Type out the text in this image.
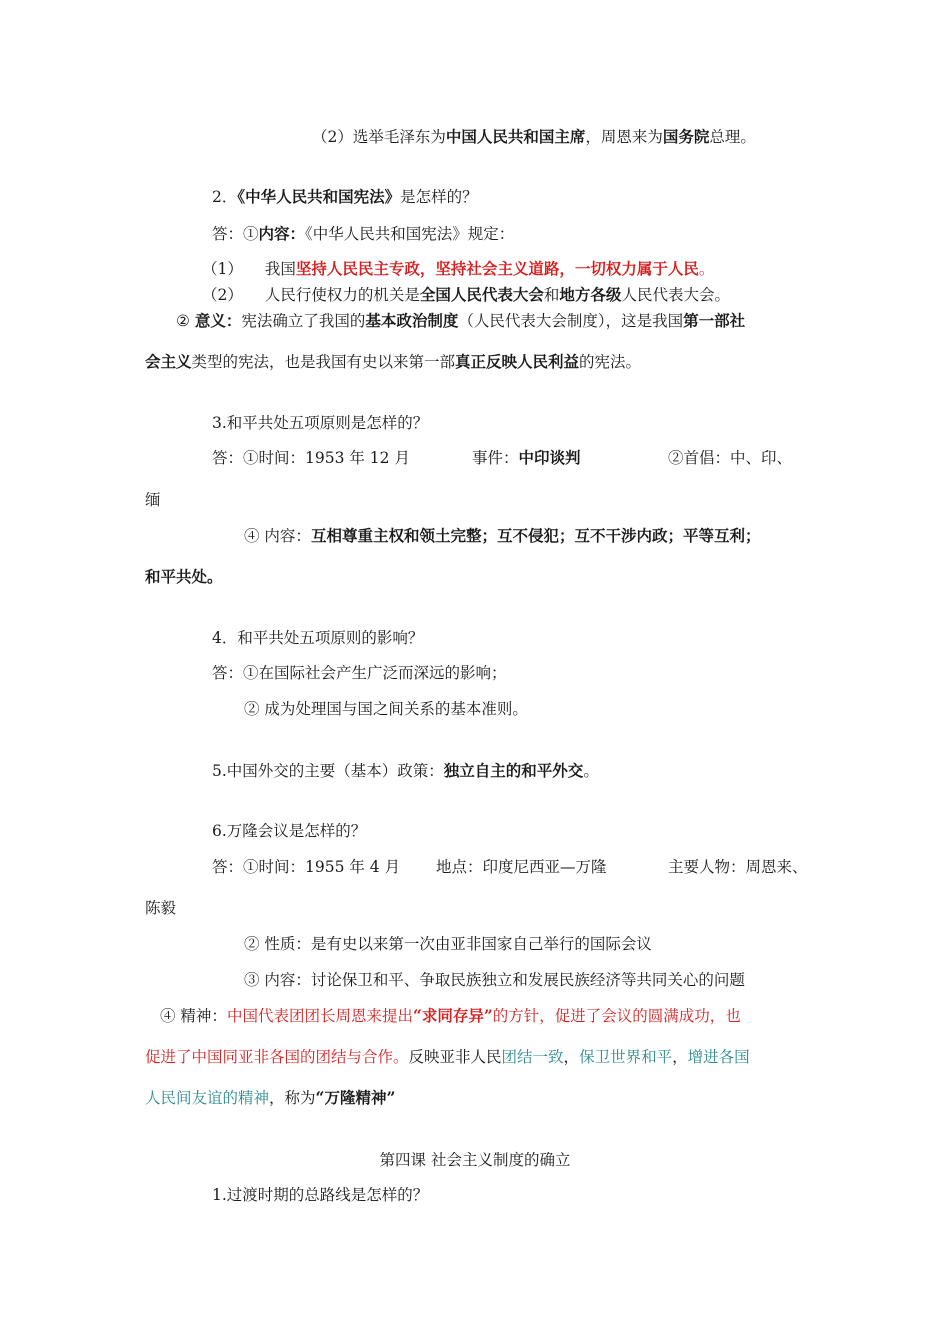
（2）选举毛泽东为中国人民共和国主席，周恩来为国务院总理。
2．《中华人民共和国宪法》是怎样的？
答：①内容：《中华人民共和国宪法》规定：
（1） 我国坚持人民民主专政，坚持社会主义道路，一切权力属于人民。
（2） 人民行使权力的机关是全国人民代表大会和地方各级人民代表大会。
② 意义：宪法确立了我国的基本政治制度（人民代表大会制度），这是我国第一部社
会主义类型的宪法，也是我国有史以来第一部真正反映人民利益的宪法。
3.和平共处五项原则是怎样的？
答：①时间：1953 年 12 月	事件：中印谈判	②首倡：中、印、
缅
④ 内容：互相尊重主权和领土完整；互不侵犯；互不干涉内政；平等互利；
和平共处。
4．和平共处五项原则的影响？
答：①在国际社会产生广泛而深远的影响；
② 成为处理国与国之间关系的基本准则。
5.中国外交的主要（基本）政策：独立自主的和平外交。
6.万隆会议是怎样的？
答：①时间：1955 年 4 月 地点：印度尼西亚—万隆	主要人物：周恩来、
陈毅
② 性质：是有史以来第一次由亚非国家自己举行的国际会议
③ 内容：讨论保卫和平、争取民族独立和发展民族经济等共同关心的问题
④ 精神：中国代表团团长周恩来提出“求同存异”的方针，促进了会议的圆满成功，也
促进了中国同亚非各国的团结与合作。反映亚非人民团结一致，保卫世界和平，增进各国
人民间友谊的精神，称为“万隆精神”
第四课 社会主义制度的确立
1.过渡时期的总路线是怎样的？
